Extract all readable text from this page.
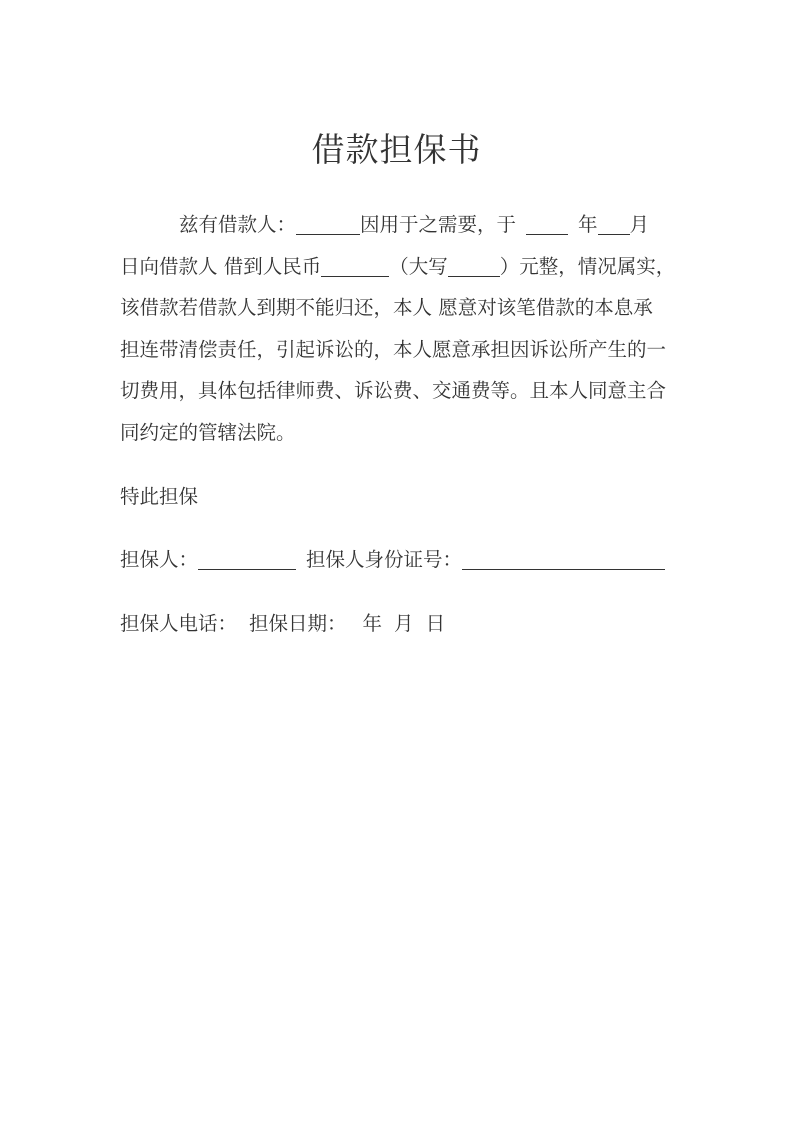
借款担保书
兹有借款人：	因用于之需要，于	年 月
日向借款人 借到人民币	（大写	）元整，情况属实，
该借款若借款人到期不能归还，本人 愿意对该笔借款的本息承
担连带清偿责任，引起诉讼的，本人愿意承担因诉讼所产生的一
切费用，具体包括律师费、诉讼费、交通费等。且本人同意主合
同约定的管辖法院。
特此担保
担保人：	担保人身份证号：
担保人电话： 担保日期： 年 月 日
